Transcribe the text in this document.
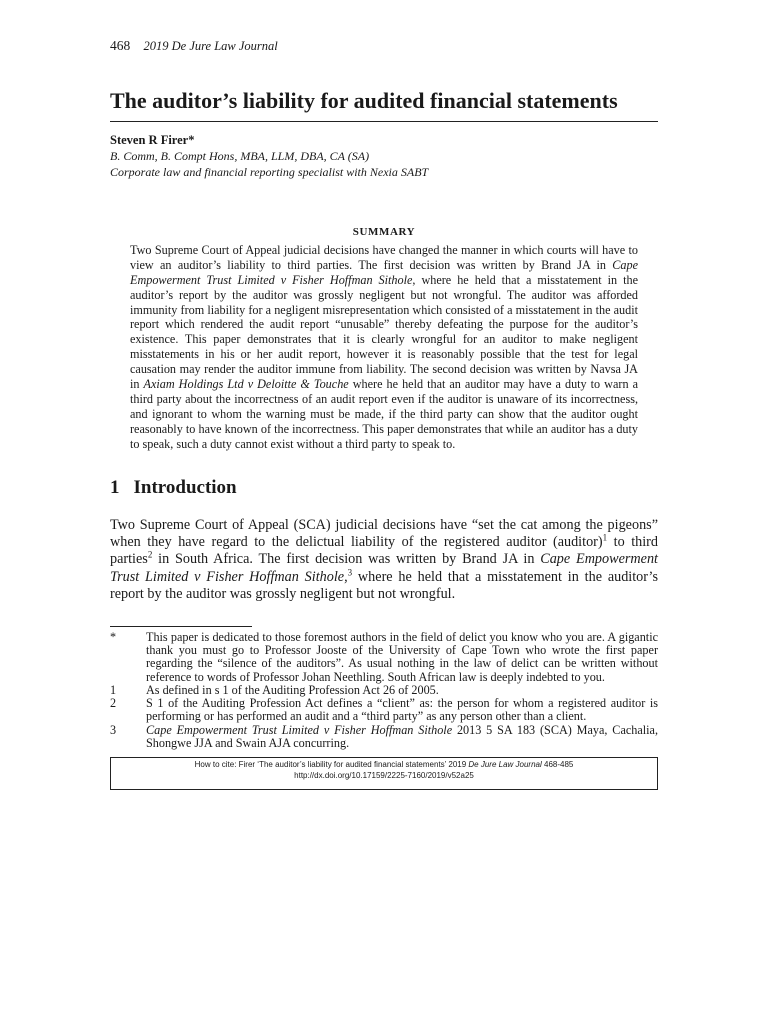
468 2019 De Jure Law Journal
The auditor’s liability for audited financial statements
Steven R Firer*
B. Comm, B. Compt Hons, MBA, LLM, DBA, CA (SA)
Corporate law and financial reporting specialist with Nexia SABT
SUMMARY

Two Supreme Court of Appeal judicial decisions have changed the manner in which courts will have to view an auditor’s liability to third parties. The first decision was written by Brand JA in Cape Empowerment Trust Limited v Fisher Hoffman Sithole, where he held that a misstatement in the auditor’s report by the auditor was grossly negligent but not wrongful. The auditor was afforded immunity from liability for a negligent misrepresentation which consisted of a misstatement in the audit report which rendered the audit report “unusable” thereby defeating the purpose for the auditor’s existence. This paper demonstrates that it is clearly wrongful for an auditor to make negligent misstatements in his or her audit report, however it is reasonably possible that the test for legal causation may render the auditor immune from liability. The second decision was written by Navsa JA in Axiam Holdings Ltd v Deloitte & Touche where he held that an auditor may have a duty to warn a third party about the incorrectness of an audit report even if the auditor is unaware of its incorrectness, and ignorant to whom the warning must be made, if the third party can show that the auditor ought reasonably to have known of the incorrectness. This paper demonstrates that while an auditor has a duty to speak, such a duty cannot exist without a third party to speak to.

1 Introduction

Two Supreme Court of Appeal (SCA) judicial decisions have “set the cat among the pigeons” when they have regard to the delictual liability of the registered auditor (auditor)$^1$ to third parties$^2$ in South Africa. The first decision was written by Brand JA in Cape Empowerment Trust Limited v Fisher Hoffman Sithole,$^3$ where he held that a misstatement in the auditor’s report by the auditor was grossly negligent but not wrongful.

*	This paper is dedicated to those foremost authors in the field of delict you know who you are. A gigantic thank you must go to Professor Jooste of the University of Cape Town who wrote the first paper regarding the “silence of the auditors”. As usual nothing in the law of delict can be written without reference to words of Professor Johan Neethling. South African law is deeply indebted to you.
1	As defined in s 1 of the Auditing Profession Act 26 of 2005.
2	S 1 of the Auditing Profession Act defines a “client” as: the person for whom a registered auditor is performing or has performed an audit and a “third party” as any person other than a client.
3	Cape Empowerment Trust Limited v Fisher Hoffman Sithole 2013 5 SA 183 (SCA) Maya, Cachalia, Shongwe JJA and Swain AJA concurring.
How to cite: Firer ‘The auditor’s liability for audited financial statements’ 2019 De Jure Law Journal 468-485
http://dx.doi.org/10.17159/2225-7160/2019/v52a25
